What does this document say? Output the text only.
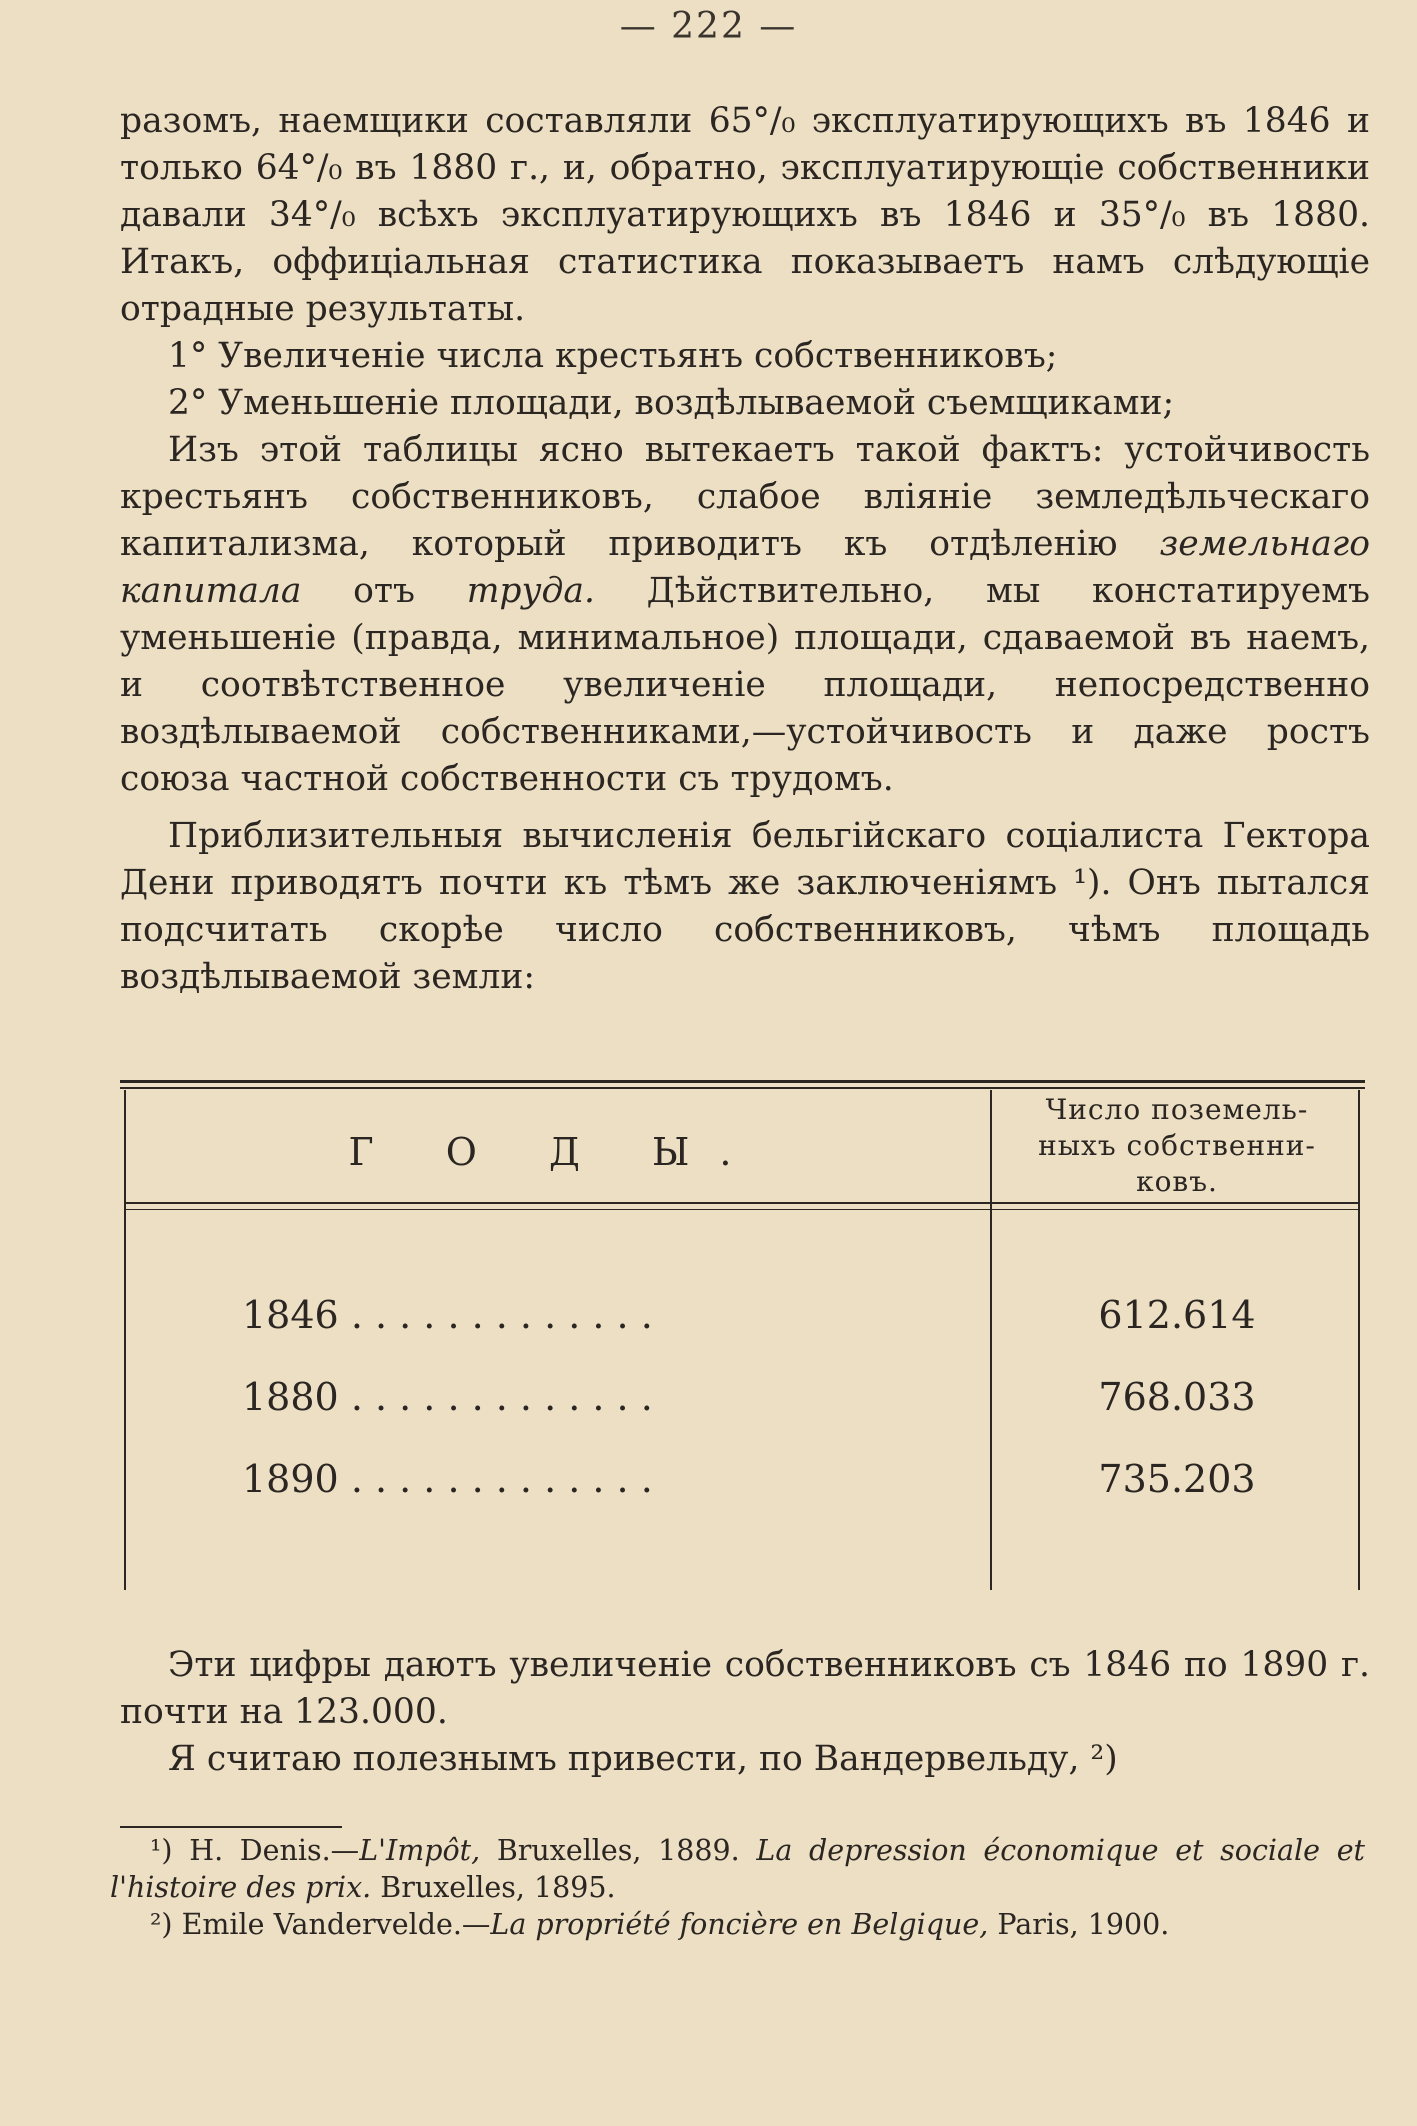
— 222 —

разомъ, наемщики составляли 65°/₀ эксплуатирующихъ въ 1846 и только 64°/₀ въ 1880 г., и, обратно, эксплуатирующіе собственники давали 34°/₀ всѣхъ эксплуатирующихъ въ 1846 и 35°/₀ въ 1880. Итакъ, оффиціальная статистика показываетъ намъ слѣдующіе отрадные результаты.

1° Увеличеніе числа крестьянъ собственниковъ;

2° Уменьшеніе площади, воздѣлываемой съемщиками;

Изъ этой таблицы ясно вытекаетъ такой фактъ: устойчивость крестьянъ собственниковъ, слабое вліяніе земледѣльческаго капитализма, который приводитъ къ отдѣленію земельнаго капитала отъ труда. Дѣйствительно, мы констатируемъ уменьшеніе (правда, минимальное) площади, сдаваемой въ наемъ, и соотвѣтственное увеличеніе площади, непосредственно воздѣлываемой собственниками,—устойчивость и даже ростъ союза частной собственности съ трудомъ.

Приблизительныя вычисленія бельгійскаго соціалиста Гектора Дени приводятъ почти къ тѣмъ же заключеніямъ ¹). Онъ пытался подсчитать скорѣе число собственниковъ, чѣмъ площадь воздѣлываемой земли:

Г О Д Ы.
Число поземель-
ныхъ собственни-
ковъ.
1846 . . . . . . . . . . . . .	612.614
1880 . . . . . . . . . . . . .	768.033
1890 . . . . . . . . . . . . .	735.203

Эти цифры даютъ увеличеніе собственниковъ съ 1846 по 1890 г. почти на 123.000.

Я считаю полезнымъ привести, по Вандервельду, ²)

¹) H. Denis.—L'Impôt, Bruxelles, 1889. La depression économique et sociale et l'histoire des prix. Bruxelles, 1895.

²) Emile Vandervelde.—La propriété foncière en Belgique, Paris, 1900.
